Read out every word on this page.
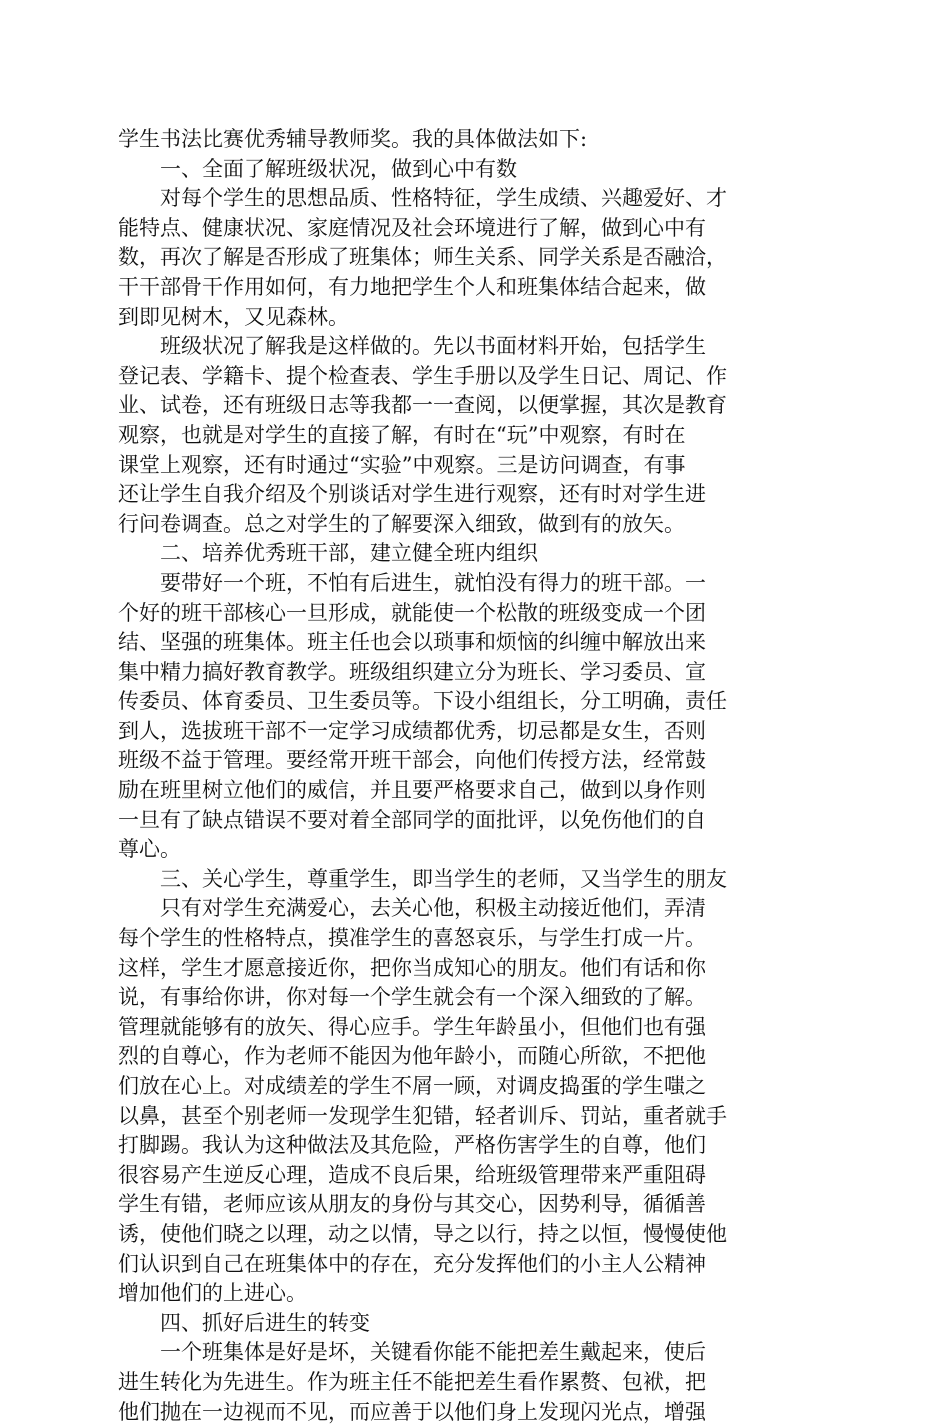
学生书法比赛优秀辅导教师奖。我的具体做法如下:
一、全面了解班级状况，做到心中有数
对每个学生的思想品质、性格特征，学生成绩、兴趣爱好、才
能特点、健康状况、家庭情况及社会环境进行了解，做到心中有
数，再次了解是否形成了班集体；师生关系、同学关系是否融洽，
干干部骨干作用如何，有力地把学生个人和班集体结合起来，做
到即见树木，又见森林。
班级状况了解我是这样做的。先以书面材料开始，包括学生
登记表、学籍卡、提个检查表、学生手册以及学生日记、周记、作
业、试卷，还有班级日志等我都一一查阅，以便掌握，其次是教育
观察，也就是对学生的直接了解，有时在“玩”中观察，有时在
课堂上观察，还有时通过“实验”中观察。三是访问调查，有事
还让学生自我介绍及个别谈话对学生进行观察，还有时对学生进
行问卷调查。总之对学生的了解要深入细致，做到有的放矢。
二、培养优秀班干部，建立健全班内组织
要带好一个班，不怕有后进生，就怕没有得力的班干部。一
个好的班干部核心一旦形成，就能使一个松散的班级变成一个团
结、坚强的班集体。班主任也会以琐事和烦恼的纠缠中解放出来
集中精力搞好教育教学。班级组织建立分为班长、学习委员、宣
传委员、体育委员、卫生委员等。下设小组组长，分工明确，责任
到人，选拔班干部不一定学习成绩都优秀，切忌都是女生，否则
班级不益于管理。要经常开班干部会，向他们传授方法，经常鼓
励在班里树立他们的威信，并且要严格要求自己，做到以身作则
一旦有了缺点错误不要对着全部同学的面批评，以免伤他们的自
尊心。
三、关心学生，尊重学生，即当学生的老师，又当学生的朋友
只有对学生充满爱心，去关心他，积极主动接近他们，弄清
每个学生的性格特点，摸准学生的喜怒哀乐，与学生打成一片。
这样，学生才愿意接近你，把你当成知心的朋友。他们有话和你
说，有事给你讲，你对每一个学生就会有一个深入细致的了解。
管理就能够有的放矢、得心应手。学生年龄虽小，但他们也有强
烈的自尊心，作为老师不能因为他年龄小，而随心所欲，不把他
们放在心上。对成绩差的学生不屑一顾，对调皮捣蛋的学生嗤之
以鼻，甚至个别老师一发现学生犯错，轻者训斥、罚站，重者就手
打脚踢。我认为这种做法及其危险，严格伤害学生的自尊，他们
很容易产生逆反心理，造成不良后果，给班级管理带来严重阻碍
学生有错，老师应该从朋友的身份与其交心，因势利导，循循善
诱，使他们晓之以理，动之以情，导之以行，持之以恒，慢慢使他
们认识到自己在班集体中的存在，充分发挥他们的小主人公精神
增加他们的上进心。
四、抓好后进生的转变
一个班集体是好是坏，关键看你能不能把差生戴起来，使后
进生转化为先进生。作为班主任不能把差生看作累赘、包袱，把
他们抛在一边视而不见，而应善于以他们身上发现闪光点，增强
